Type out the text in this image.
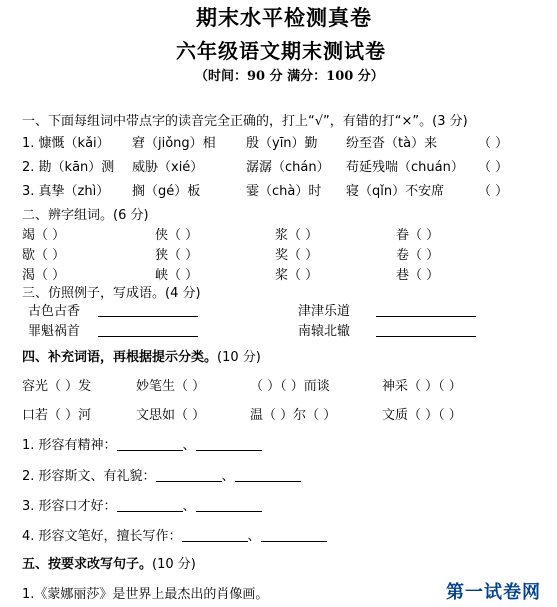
期末水平检测真卷
六年级语文期末测试卷
（时间：90 分 满分：100 分）
一、下面每组词中带点字的读音完全正确的，打上“√”，有错的打“×”。(3 分)
1. 慷慨（kǎi） 窘（jiǒng）相 殷（yīn）勤 纷至沓（tà）来	（ ）
2. 勘（kān）测 威胁（xié）	潺潺（chán） 苟延残喘（chuán） （ ）
3. 真挚（zhì） 搁（gé）板	霎（chà）时 寝（qǐn）不安席	（ ）
二、辨字组词。(6 分)
竭（ ）	侠（ ）	浆（ ）	眷（ ）
歇（ ）	狭（ ）	奖（ ）	卷（ ）
渴（ ）	峡（ ）	桨（ ）	巷（ ）
三、仿照例子，写成语。(4 分)
古色古香	津津乐道
罪魁祸首	南辕北辙
四、补充词语，再根据提示分类。(10 分)
容光（ ）发	妙笔生（ ）	（ ）（ ）而谈	神采（ ）（ ）
口若（ ）河	文思如（ ）	温（ ）尔（ ）	文质（ ）（ ）
1. 形容有精神：	、
2. 形容斯文、有礼貌：	、
3. 形容口才好：	、
4. 形容文笔好，擅长写作：	、
五、按要求改写句子。(10 分)
1.《蒙娜丽莎》是世界上最杰出的肖像画。	第一试卷网
